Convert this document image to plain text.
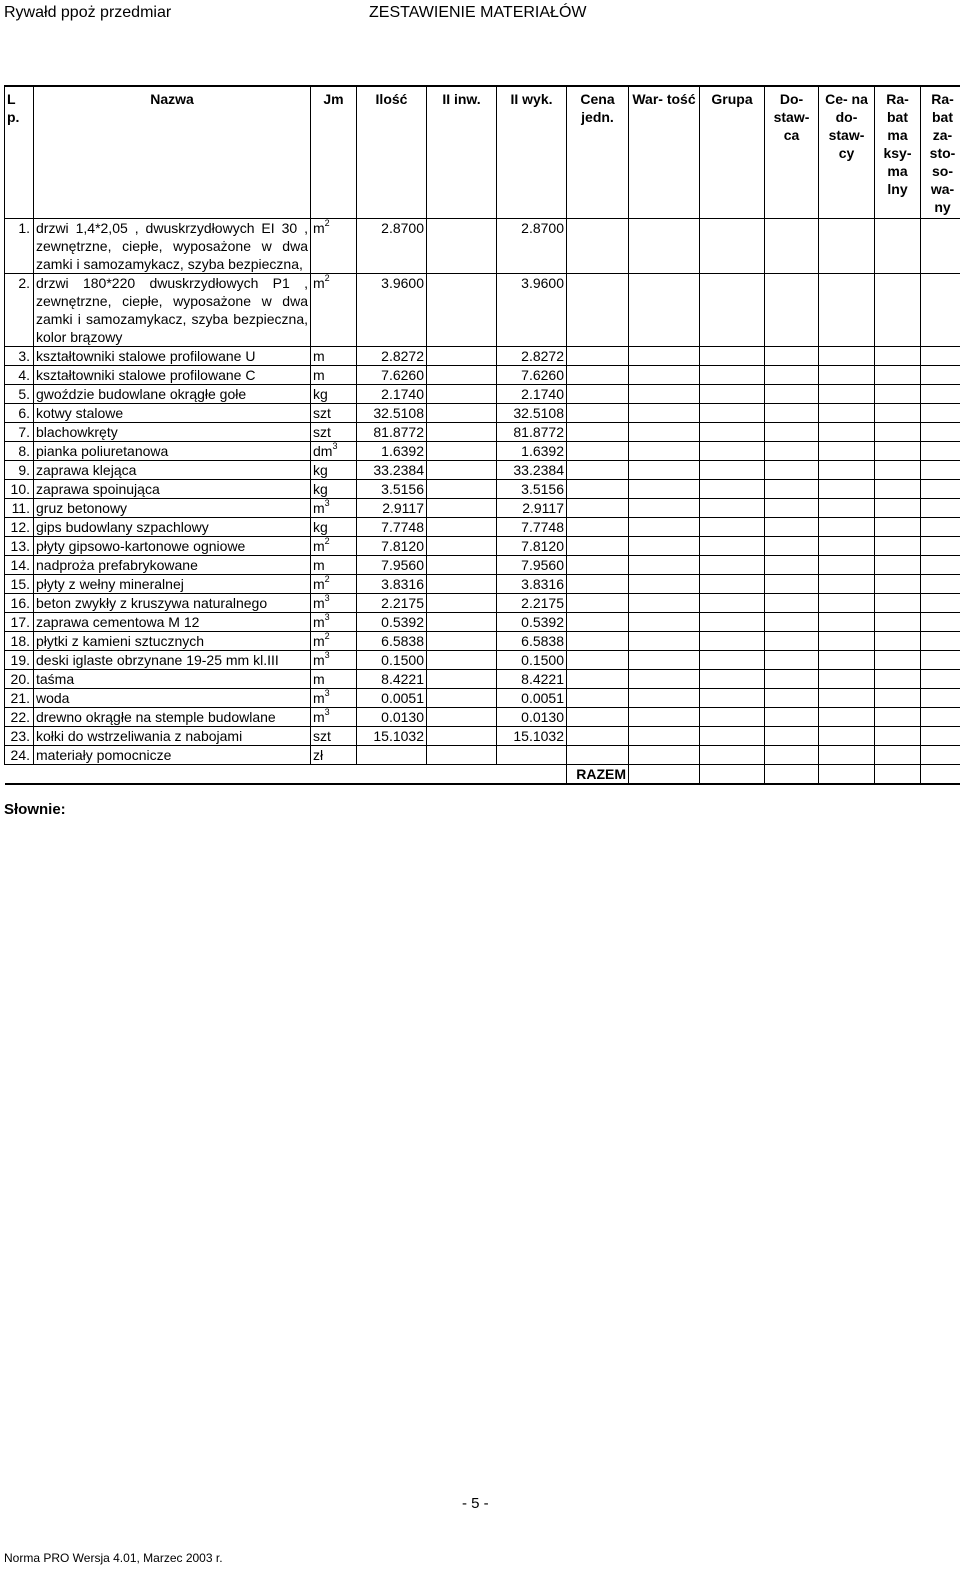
Rywałd ppoż przedmiar	ZESTAWIENIE MATERIAŁÓW
L p.	Nazwa	Jm	Ilość	II inw.	II wyk.	Cena jedn.	War- tość	Grupa	Do- staw- ca	Ce- na do- staw- cy	Ra- bat ma ksy- ma lny	Ra- bat za- sto- so- wa- ny
1.	drzwi 1,4*2,05 , dwuskrzydłowych EI 30 , zewnętrzne, ciepłe, wyposażone w dwa zamki i samozamykacz, szyba bezpieczna,	$m^2$	2.8700		2.8700							
2.	drzwi 180*220 dwuskrzydłowych P1 , zewnętrzne, ciepłe, wyposażone w dwa zamki i samozamykacz, szyba bezpieczna, kolor brązowy	$m^2$	3.9600		3.9600							
3.	kształtowniki stalowe profilowane U	m	2.8272		2.8272							
4.	kształtowniki stalowe profilowane C	m	7.6260		7.6260							
5.	gwoździe budowlane okrągłe gołe	kg	2.1740		2.1740							
6.	kotwy stalowe	szt	32.5108		32.5108							
7.	blachowkręty	szt	81.8772		81.8772							
8.	pianka poliuretanowa	$dm^3$	1.6392		1.6392							
9.	zaprawa klejąca	kg	33.2384		33.2384							
10.	zaprawa spoinująca	kg	3.5156		3.5156							
11.	gruz betonowy	$m^3$	2.9117		2.9117							
12.	gips budowlany szpachlowy	kg	7.7748		7.7748							
13.	płyty gipsowo-kartonowe ogniowe	$m^2$	7.8120		7.8120							
14.	nadproża prefabrykowane	m	7.9560		7.9560							
15.	płyty z wełny mineralnej	$m^2$	3.8316		3.8316							
16.	beton zwykły z kruszywa naturalnego	$m^3$	2.2175		2.2175							
17.	zaprawa cementowa M 12	$m^3$	0.5392		0.5392							
18.	płytki z kamieni sztucznych	$m^2$	6.5838		6.5838							
19.	deski iglaste obrzynane 19-25 mm kl.III	$m^3$	0.1500		0.1500							
20.	taśma	m	8.4221		8.4221							
21.	woda	$m^3$	0.0051		0.0051							
22.	drewno okrągłe na stemple budowlane	$m^3$	0.0130		0.0130							
23.	kołki do wstrzeliwania z nabojami	szt	15.1032		15.1032							
24.	materiały pomocnicze	zł										
						RAZEM						
Słownie:
- 5 -
Norma PRO Wersja 4.01, Marzec 2003 r.
